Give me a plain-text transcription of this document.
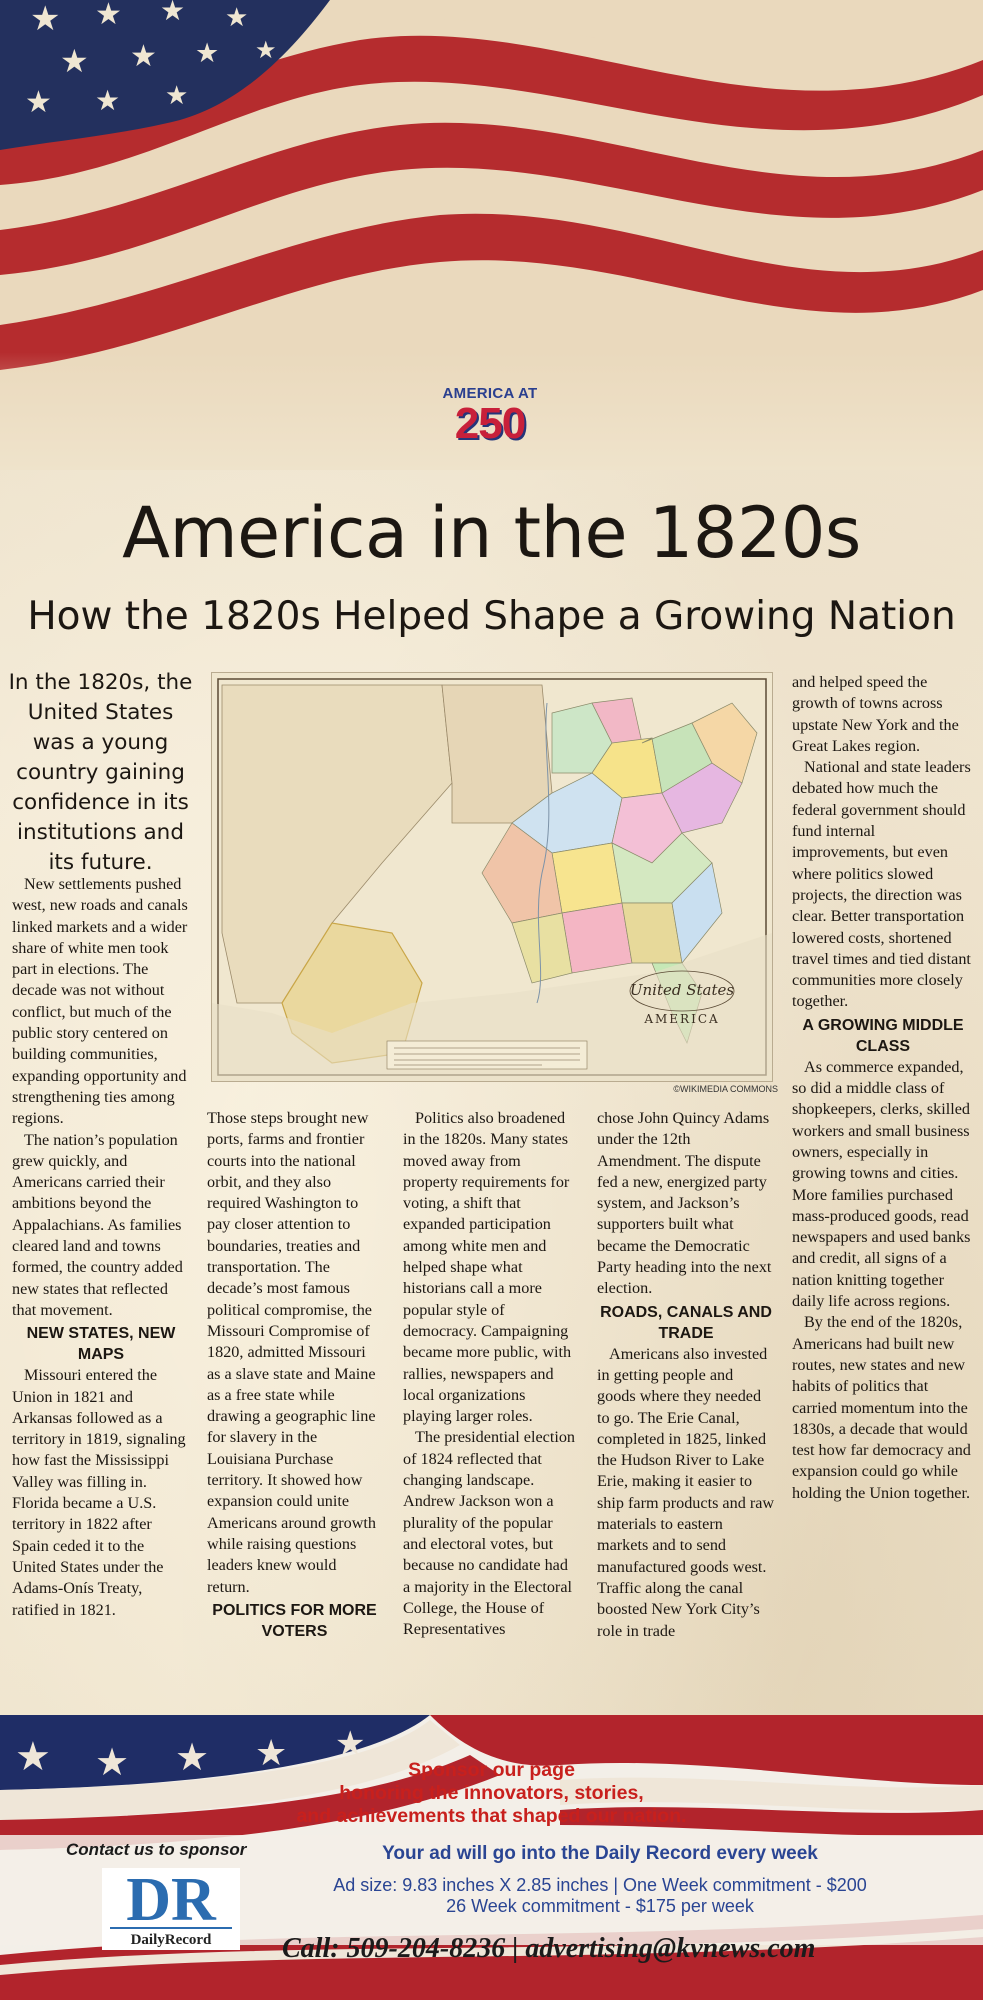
AMERICA AT
250
America in the 1820s
How the 1820s Helped Shape a Growing Nation
In the 1820s, the United States was a young country gaining confidence in its institutions and its future.
United States
AMERICA
©WIKIMEDIA COMMONS

New settlements pushed west, new roads and canals linked markets and a wider share of white men took part in elections. The decade was not without conflict, but much of the public story centered on building communities, expanding opportunity and strengthening ties among regions.

The nation’s population grew quickly, and Americans carried their ambitions beyond the Appalachians. As families cleared land and towns formed, the country added new states that reflected that movement.

NEW STATES, NEW MAPS

Missouri entered the Union in 1821 and Arkansas followed as a territory in 1819, signaling how fast the Mississippi Valley was filling in. Florida became a U.S. territory in 1822 after Spain ceded it to the United States under the Adams-Onís Treaty, ratified in 1821.

Those steps brought new ports, farms and frontier courts into the national orbit, and they also required Washington to pay closer attention to boundaries, treaties and transportation. The decade’s most famous political compromise, the Missouri Compromise of 1820, admitted Missouri as a slave state and Maine as a free state while drawing a geographic line for slavery in the Louisiana Purchase territory. It showed how expansion could unite Americans around growth while raising questions leaders knew would return.

POLITICS FOR MORE VOTERS

Politics also broadened in the 1820s. Many states moved away from property requirements for voting, a shift that expanded participation among white men and helped shape what historians call a more popular style of democracy. Campaigning became more public, with rallies, newspapers and local organizations playing larger roles.

The presidential election of 1824 reflected that changing landscape. Andrew Jackson won a plurality of the popular and electoral votes, but because no candidate had a majority in the Electoral College, the House of Representatives

chose John Quincy Adams under the 12th Amendment. The dispute fed a new, energized party system, and Jackson’s supporters built what became the Democratic Party heading into the next election.

ROADS, CANALS AND TRADE

Americans also invested in getting people and goods where they needed to go. The Erie Canal, completed in 1825, linked the Hudson River to Lake Erie, making it easier to ship farm products and raw materials to eastern markets and to send manufactured goods west. Traffic along the canal boosted New York City’s role in trade

and helped speed the growth of towns across upstate New York and the Great Lakes region.

National and state leaders debated how much the federal government should fund internal improvements, but even where politics slowed projects, the direction was clear. Better transportation lowered costs, shortened travel times and tied distant communities more closely together.

A GROWING MIDDLE CLASS

As commerce expanded, so did a middle class of shopkeepers, clerks, skilled workers and small business owners, especially in growing towns and cities. More families purchased mass-produced goods, read newspapers and used banks and credit, all signs of a nation knitting together daily life across regions.

By the end of the 1820s, Americans had built new routes, new states and new habits of politics that carried momentum into the 1830s, a decade that would test how far democracy and expansion could go while holding the Union together.

★ ★ ★ ★ ★
Sponsor our page
honoring the innovators, stories,
and achievements that shaped our nation.
Contact us to sponsor
DR
DailyRecord
Your ad will go into the Daily Record every week
Ad size: 9.83 inches X 2.85 inches | One Week commitment - $200
26 Week commitment - $175 per week
Call: 509-204-8236 | advertising@kvnews.com
